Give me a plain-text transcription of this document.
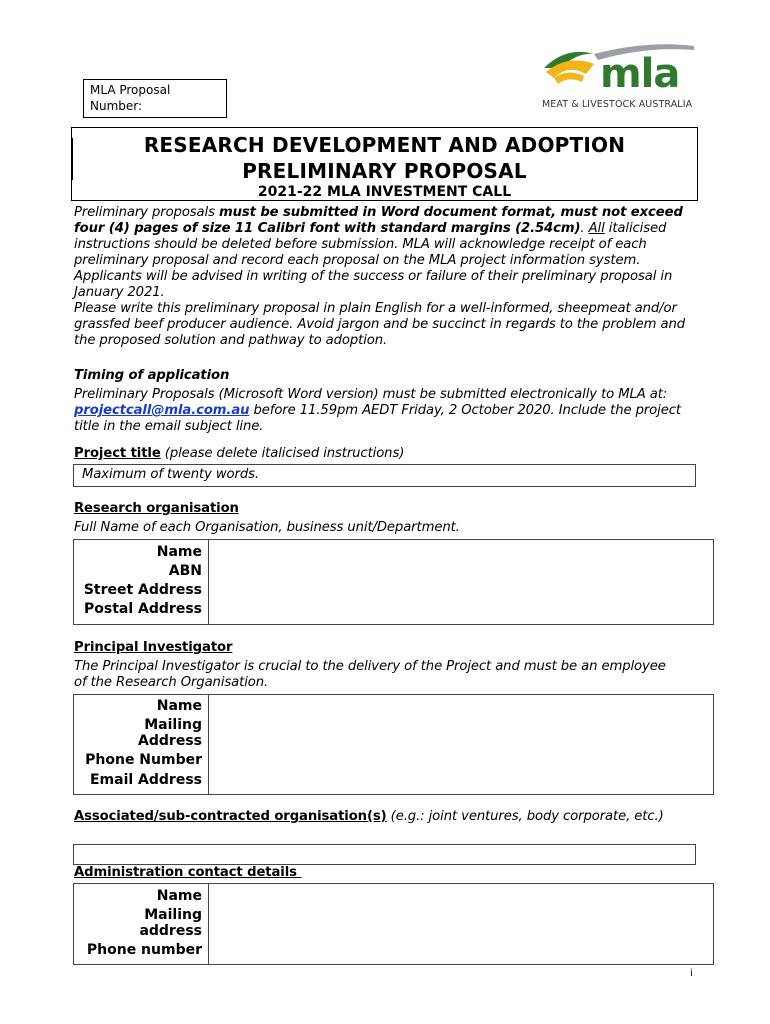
MLA Proposal
Number:
mla
MEAT & LIVESTOCK AUSTRALIA
RESEARCH DEVELOPMENT AND ADOPTION
PRELIMINARY PROPOSAL
2021-22 MLA INVESTMENT CALL
Preliminary proposals must be submitted in Word document format, must not exceed four (4) pages of size 11 Calibri font with standard margins (2.54cm). All italicised instructions should be deleted before submission. MLA will acknowledge receipt of each preliminary proposal and record each proposal on the MLA project information system. Applicants will be advised in writing of the success or failure of their preliminary proposal in January 2021.
Please write this preliminary proposal in plain English for a well-informed, sheepmeat and/or grassfed beef producer audience. Avoid jargon and be succinct in regards to the problem and the proposed solution and pathway to adoption.
Timing of application
Preliminary Proposals (Microsoft Word version) must be submitted electronically to MLA at: projectcall@mla.com.au before 11.59pm AEDT Friday, 2 October 2020. Include the project title in the email subject line.
Project title (please delete italicised instructions)
Maximum of twenty words.
Research organisation
Full Name of each Organisation, business unit/Department.
Name
ABN
Street Address
Postal Address
Principal Investigator
The Principal Investigator is crucial to the delivery of the Project and must be an employee of the Research Organisation.
Name
Mailing
Address
Phone Number
Email Address
Associated/sub-contracted organisation(s) (e.g.: joint ventures, body corporate, etc.)
Administration contact details
Name
Mailing
address
Phone number
i
